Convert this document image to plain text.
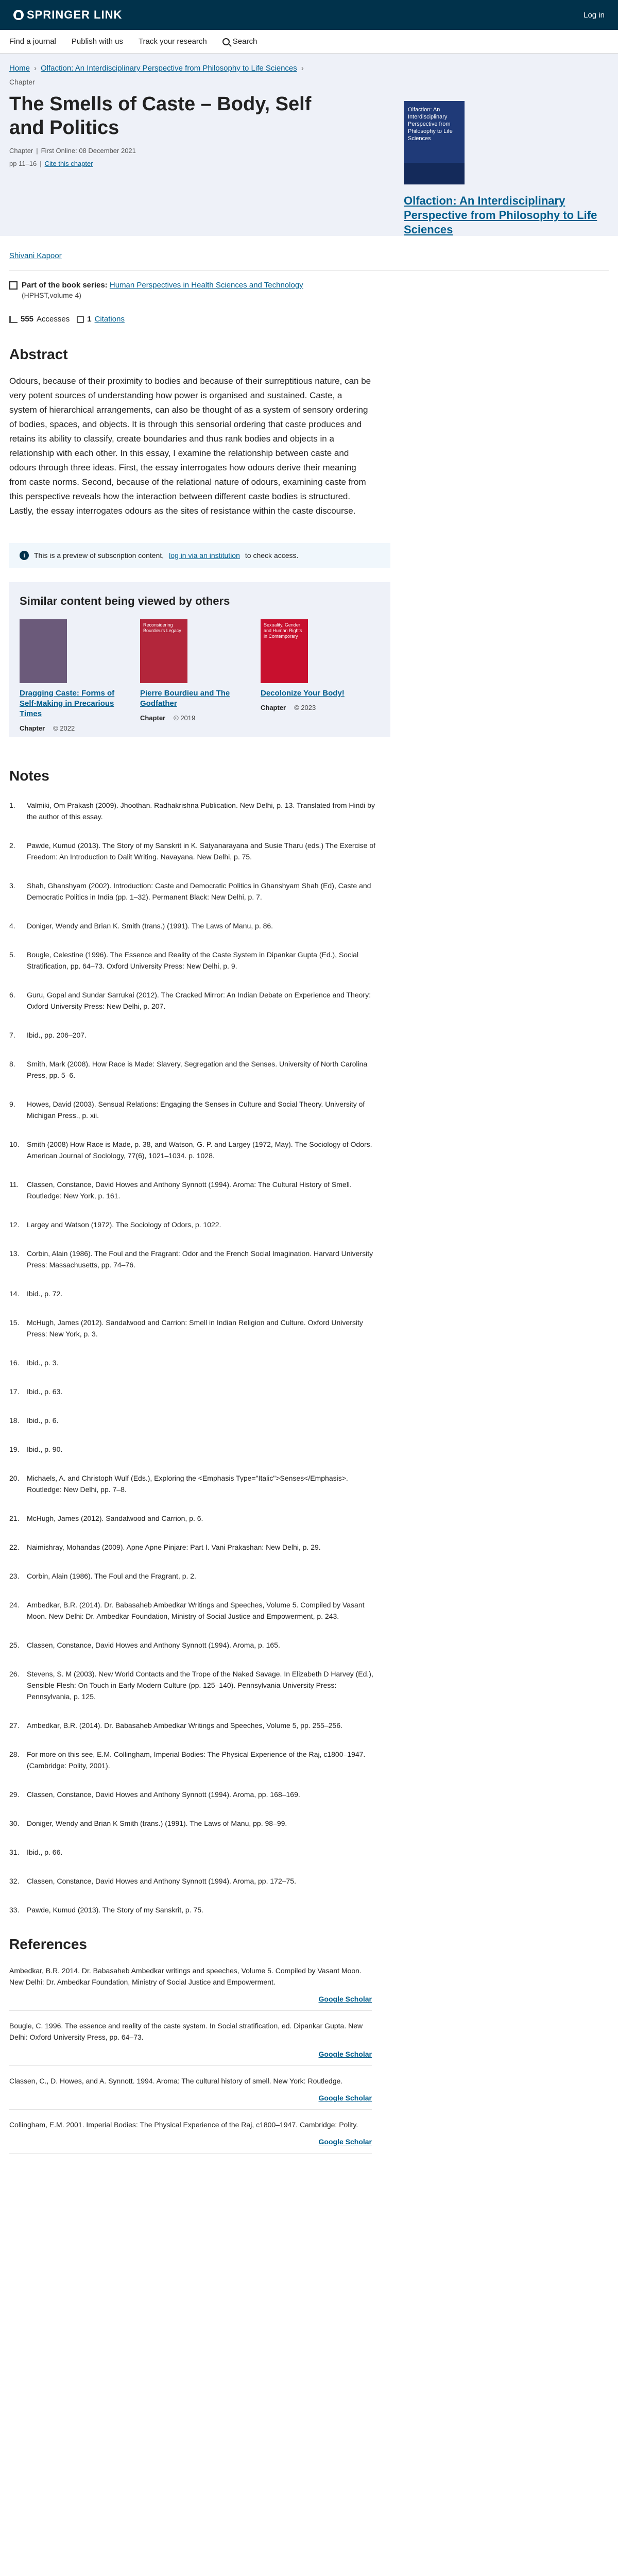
SPRINGER LINK	Log in
Find a journal Publish with us Track your research	Search
Home › Olfaction: An Interdisciplinary Perspective from Philosophy to Life Sciences ›
Chapter
The Smells of Caste – Body, Self and Politics
Chapter | First Online: 08 December 2021
pp 11–16 | Cite this chapter
Olfaction: An Interdisciplinary Perspective from Philosophy to Life Sciences
Olfaction: An Interdisciplinary Perspective from Philosophy to Life Sciences
Shivani Kapoor
Part of the book series: Human Perspectives in Health Sciences and Technology
(HPHST,volume 4)
555 Accesses 1 Citations
Abstract

Odours, because of their proximity to bodies and because of their surreptitious nature, can be very potent sources of understanding how power is organised and sustained. Caste, a system of hierarchical arrangements, can also be thought of as a system of sensory ordering of bodies, spaces, and objects. It is through this sensorial ordering that caste produces and retains its ability to classify, create boundaries and thus rank bodies and objects in a relationship with each other. In this essay, I examine the relationship between caste and odours through three ideas. First, the essay interrogates how odours derive their meaning from caste norms. Second, because of the relational nature of odours, examining caste from this perspective reveals how the interaction between different caste bodies is structured. Lastly, the essay interrogates odours as the sites of resistance within the caste discourse.

i	This is a preview of subscription content, log in via an institution to check access.
Similar content being viewed by others
Dragging Caste: Forms of Self-Making in Precarious Times
Chapter © 2022
Reconsidering Bourdieu's Legacy
Pierre Bourdieu and The Godfather
Chapter © 2019
Sexuality, Gender and Human Rights in Contemporary
Decolonize Your Body!
Chapter © 2023
Notes
1.	Valmiki, Om Prakash (2009). Jhoothan. Radhakrishna Publication. New Delhi, p. 13. Translated from Hindi by the author of this essay.
2.	Pawde, Kumud (2013). The Story of my Sanskrit in K. Satyanarayana and Susie Tharu (eds.) The Exercise of Freedom: An Introduction to Dalit Writing. Navayana. New Delhi, p. 75.
3.	Shah, Ghanshyam (2002). Introduction: Caste and Democratic Politics in Ghanshyam Shah (Ed), Caste and Democratic Politics in India (pp. 1–32). Permanent Black: New Delhi, p. 7.
4.	Doniger, Wendy and Brian K. Smith (trans.) (1991). The Laws of Manu, p. 86.
5.	Bougle, Celestine (1996). The Essence and Reality of the Caste System in Dipankar Gupta (Ed.), Social Stratification, pp. 64–73. Oxford University Press: New Delhi, p. 9.
6.	Guru, Gopal and Sundar Sarrukai (2012). The Cracked Mirror: An Indian Debate on Experience and Theory: Oxford University Press: New Delhi, p. 207.
7.	Ibid., pp. 206–207.
8.	Smith, Mark (2008). How Race is Made: Slavery, Segregation and the Senses. University of North Carolina Press, pp. 5–6.
9.	Howes, David (2003). Sensual Relations: Engaging the Senses in Culture and Social Theory. University of Michigan Press., p. xii.
10.	Smith (2008) How Race is Made, p. 38, and Watson, G. P. and Largey (1972, May). The Sociology of Odors. American Journal of Sociology, 77(6), 1021–1034. p. 1028.
11.	Classen, Constance, David Howes and Anthony Synnott (1994). Aroma: The Cultural History of Smell. Routledge: New York, p. 161.
12.	Largey and Watson (1972). The Sociology of Odors, p. 1022.
13.	Corbin, Alain (1986). The Foul and the Fragrant: Odor and the French Social Imagination. Harvard University Press: Massachusetts, pp. 74–76.
14.	Ibid., p. 72.
15.	McHugh, James (2012). Sandalwood and Carrion: Smell in Indian Religion and Culture. Oxford University Press: New York, p. 3.
16.	Ibid., p. 3.
17.	Ibid., p. 63.
18.	Ibid., p. 6.
19.	Ibid., p. 90.
20.	Michaels, A. and Christoph Wulf (Eds.), Exploring the <Emphasis Type="Italic">Senses</Emphasis>. Routledge: New Delhi, pp. 7–8.
21.	McHugh, James (2012). Sandalwood and Carrion, p. 6.
22.	Naimishray, Mohandas (2009). Apne Apne Pinjare: Part I. Vani Prakashan: New Delhi, p. 29.
23.	Corbin, Alain (1986). The Foul and the Fragrant, p. 2.
24.	Ambedkar, B.R. (2014). Dr. Babasaheb Ambedkar Writings and Speeches, Volume 5. Compiled by Vasant Moon. New Delhi: Dr. Ambedkar Foundation, Ministry of Social Justice and Empowerment, p. 243.
25.	Classen, Constance, David Howes and Anthony Synnott (1994). Aroma, p. 165.
26.	Stevens, S. M (2003). New World Contacts and the Trope of the Naked Savage. In Elizabeth D Harvey (Ed.), Sensible Flesh: On Touch in Early Modern Culture (pp. 125–140). Pennsylvania University Press: Pennsylvania, p. 125.
27.	Ambedkar, B.R. (2014). Dr. Babasaheb Ambedkar Writings and Speeches, Volume 5, pp. 255–256.
28.	For more on this see, E.M. Collingham, Imperial Bodies: The Physical Experience of the Raj, c1800–1947. (Cambridge: Polity, 2001).
29.	Classen, Constance, David Howes and Anthony Synnott (1994). Aroma, pp. 168–169.
30.	Doniger, Wendy and Brian K Smith (trans.) (1991). The Laws of Manu, pp. 98–99.
31.	Ibid., p. 66.
32.	Classen, Constance, David Howes and Anthony Synnott (1994). Aroma, pp. 172–75.
33.	Pawde, Kumud (2013). The Story of my Sanskrit, p. 75.
References
Ambedkar, B.R. 2014. Dr. Babasaheb Ambedkar writings and speeches, Volume 5. Compiled by Vasant Moon. New Delhi: Dr. Ambedkar Foundation, Ministry of Social Justice and Empowerment.
Google Scholar
Bougle, C. 1996. The essence and reality of the caste system. In Social stratification, ed. Dipankar Gupta. New Delhi: Oxford University Press, pp. 64–73.
Google Scholar
Classen, C., D. Howes, and A. Synnott. 1994. Aroma: The cultural history of smell. New York: Routledge.
Google Scholar
Collingham, E.M. 2001. Imperial Bodies: The Physical Experience of the Raj, c1800–1947. Cambridge: Polity.
Google Scholar
